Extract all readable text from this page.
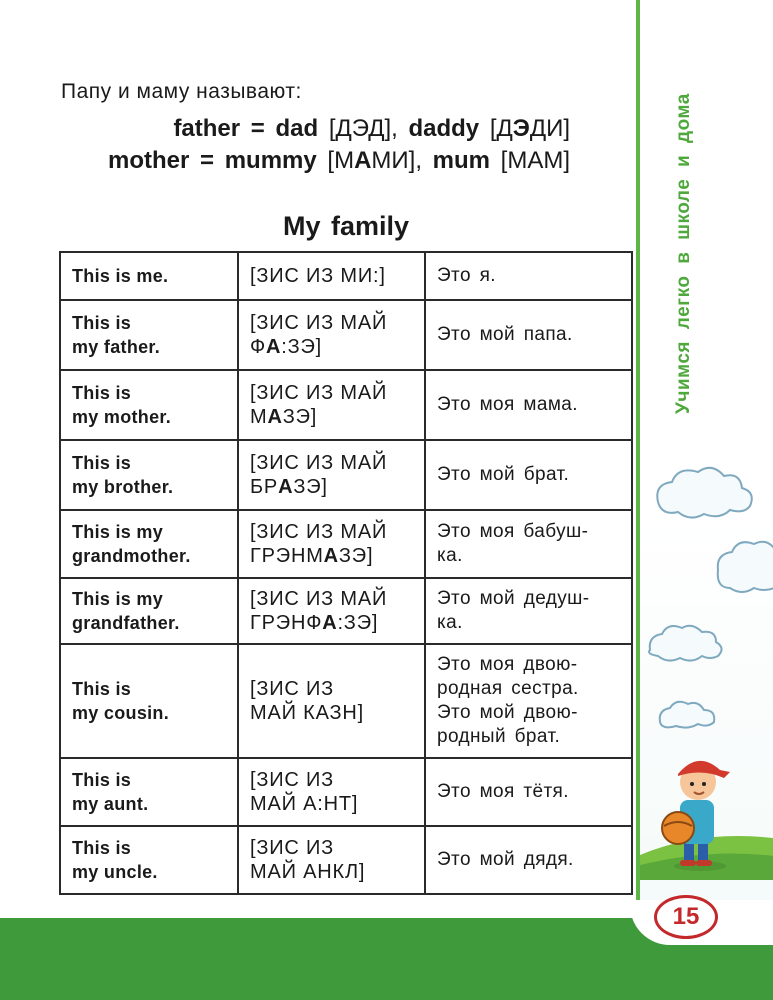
Папу и маму называют:
father = dad [ДЭД], daddy [ДЭДИ]
mother = mummy [МАМИ], mum [МАМ]
My family
This is me.	[ЗИС ИЗ МИ:]	Это я.

This is
my father.	[ЗИС ИЗ МАЙ
ФА:ЗЭ]	Это мой папа.

This is
my mother.	[ЗИС ИЗ МАЙ
МАЗЭ]	Это моя мама.

This is
my brother.	[ЗИС ИЗ МАЙ
БРАЗЭ]	Это мой брат.

This is my
grandmother.	[ЗИС ИЗ МАЙ
ГРЭНМАЗЭ]	Это моя бабуш-
ка.

This is my
grandfather.	[ЗИС ИЗ МАЙ
ГРЭНФА:ЗЭ]	Это мой дедуш-
ка.

This is
my cousin.	[ЗИС ИЗ
МАЙ КАЗН]	Это моя двою-
родная сестра.
Это мой двою-
родный брат.

This is
my aunt.	[ЗИС ИЗ
МАЙ А:НТ]	Это моя тётя.

This is
my uncle.	[ЗИС ИЗ
МАЙ АНКЛ]	Это мой дядя.
Учимся легко в школе и дома
15
